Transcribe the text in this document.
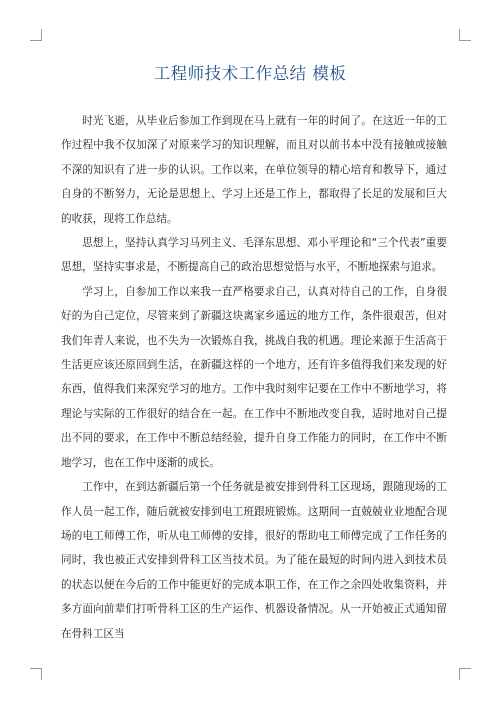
工程师技术工作总结 模板

时光飞逝，从毕业后参加工作到现在马上就有一年的时间了。在这近一年的工作过程中我不仅加深了对原来学习的知识理解，而且对以前书本中没有接触或接触不深的知识有了进一步的认识。工作以来，在单位领导的精心培育和教导下，通过自身的不断努力，无论是思想上、学习上还是工作上，都取得了长足的发展和巨大的收获，现将工作总结。

思想上，坚持认真学习马列主义、毛泽东思想、邓小平理论和“三个代表”重要思想，坚持实事求是，不断提高自己的政治思想觉悟与水平，不断地探索与追求。

学习上，自参加工作以来我一直严格要求自己，认真对待自己的工作，自身很好的为自己定位，尽管来到了新疆这块离家乡遥远的地方工作，条件很艰苦，但对我们年青人来说，也不失为一次锻炼自我，挑战自我的机遇。理论来源于生活高于生活更应该还原回到生活，在新疆这样的一个地方，还有许多值得我们来发现的好东西，值得我们来深究学习的地方。工作中我时刻牢记要在工作中不断地学习，将理论与实际的工作很好的结合在一起。在工作中不断地改变自我，适时地对自己提出不同的要求，在工作中不断总结经验，提升自身工作能力的同时，在工作中不断地学习，也在工作中逐渐的成长。

工作中，在到达新疆后第一个任务就是被安排到骨科工区现场，跟随现场的工作人员一起工作，随后就被安排到电工班跟班锻炼。这期间一直兢兢业业地配合现场的电工师傅工作，听从电工师傅的安排，很好的帮助电工师傅完成了工作任务的同时，我也被正式安排到骨科工区当技术员。为了能在最短的时间内进入到技术员的状态以便在今后的工作中能更好的完成本职工作，在工作之余四处收集资料，并多方面向前辈们打听骨科工区的生产运作、机器设备情况。从一开始被正式通知留在骨科工区当
